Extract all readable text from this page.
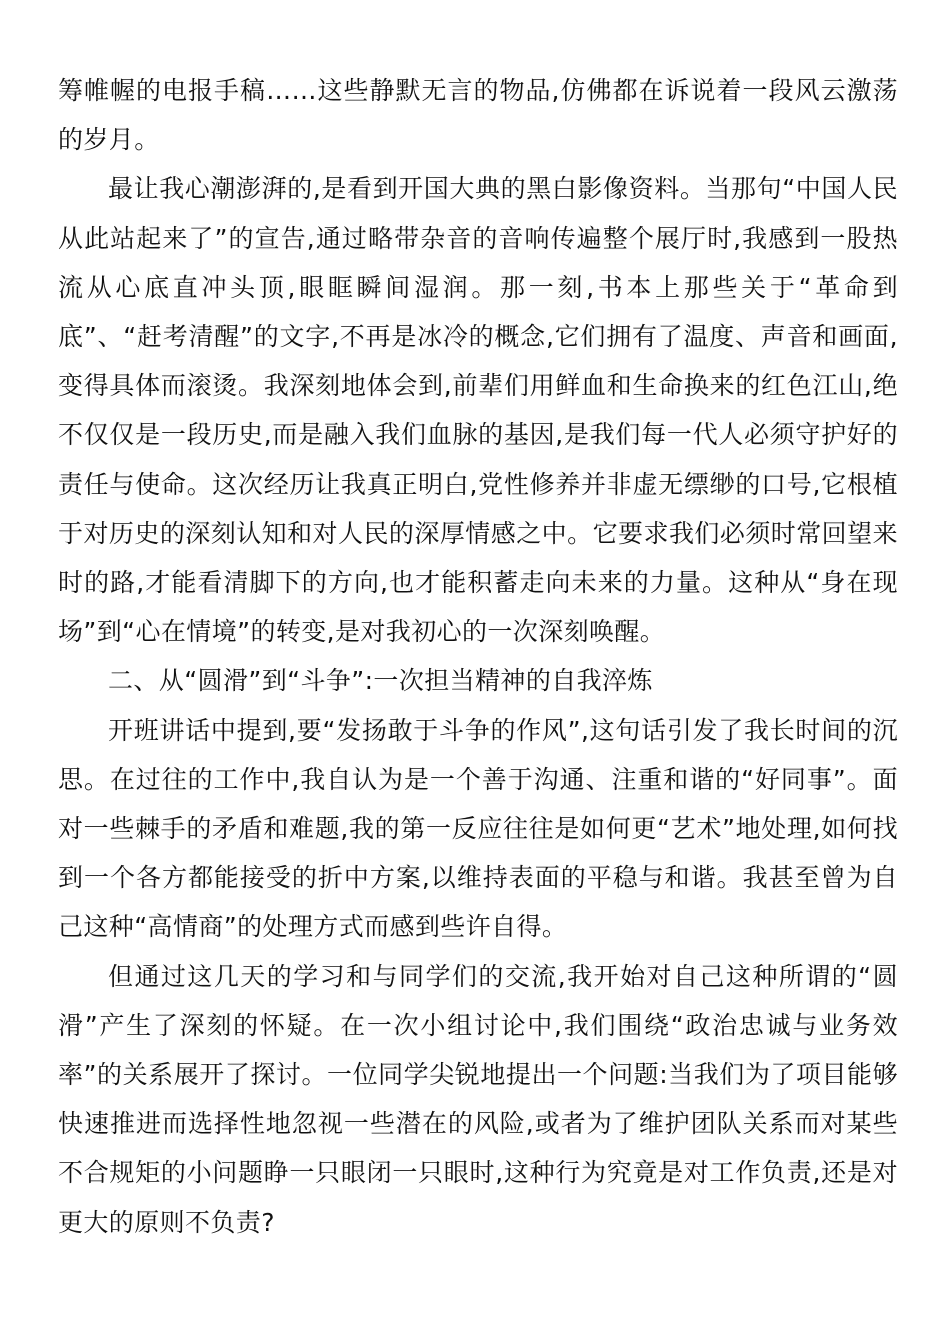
筹帷幄的电报手稿……这些静默无言的物品,仿佛都在诉说着一段风云激荡的岁月。

最让我心潮澎湃的,是看到开国大典的黑白影像资料。当那句“中国人民从此站起来了”的宣告,通过略带杂音的音响传遍整个展厅时,我感到一股热流从心底直冲头顶,眼眶瞬间湿润。那一刻,书本上那些关于“革命到底”、“赶考清醒”的文字,不再是冰冷的概念,它们拥有了温度、声音和画面,变得具体而滚烫。我深刻地体会到,前辈们用鲜血和生命换来的红色江山,绝不仅仅是一段历史,而是融入我们血脉的基因,是我们每一代人必须守护好的责任与使命。这次经历让我真正明白,党性修养并非虚无缥缈的口号,它根植于对历史的深刻认知和对人民的深厚情感之中。它要求我们必须时常回望来时的路,才能看清脚下的方向,也才能积蓄走向未来的力量。这种从“身在现场”到“心在情境”的转变,是对我初心的一次深刻唤醒。

二、从“圆滑”到“斗争”:一次担当精神的自我淬炼

开班讲话中提到,要“发扬敢于斗争的作风”,这句话引发了我长时间的沉思。在过往的工作中,我自认为是一个善于沟通、注重和谐的“好同事”。面对一些棘手的矛盾和难题,我的第一反应往往是如何更“艺术”地处理,如何找到一个各方都能接受的折中方案,以维持表面的平稳与和谐。我甚至曾为自己这种“高情商”的处理方式而感到些许自得。

但通过这几天的学习和与同学们的交流,我开始对自己这种所谓的“圆滑”产生了深刻的怀疑。在一次小组讨论中,我们围绕“政治忠诚与业务效率”的关系展开了探讨。一位同学尖锐地提出一个问题:当我们为了项目能够快速推进而选择性地忽视一些潜在的风险,或者为了维护团队关系而对某些不合规矩的小问题睁一只眼闭一只眼时,这种行为究竟是对工作负责,还是对更大的原则不负责?
